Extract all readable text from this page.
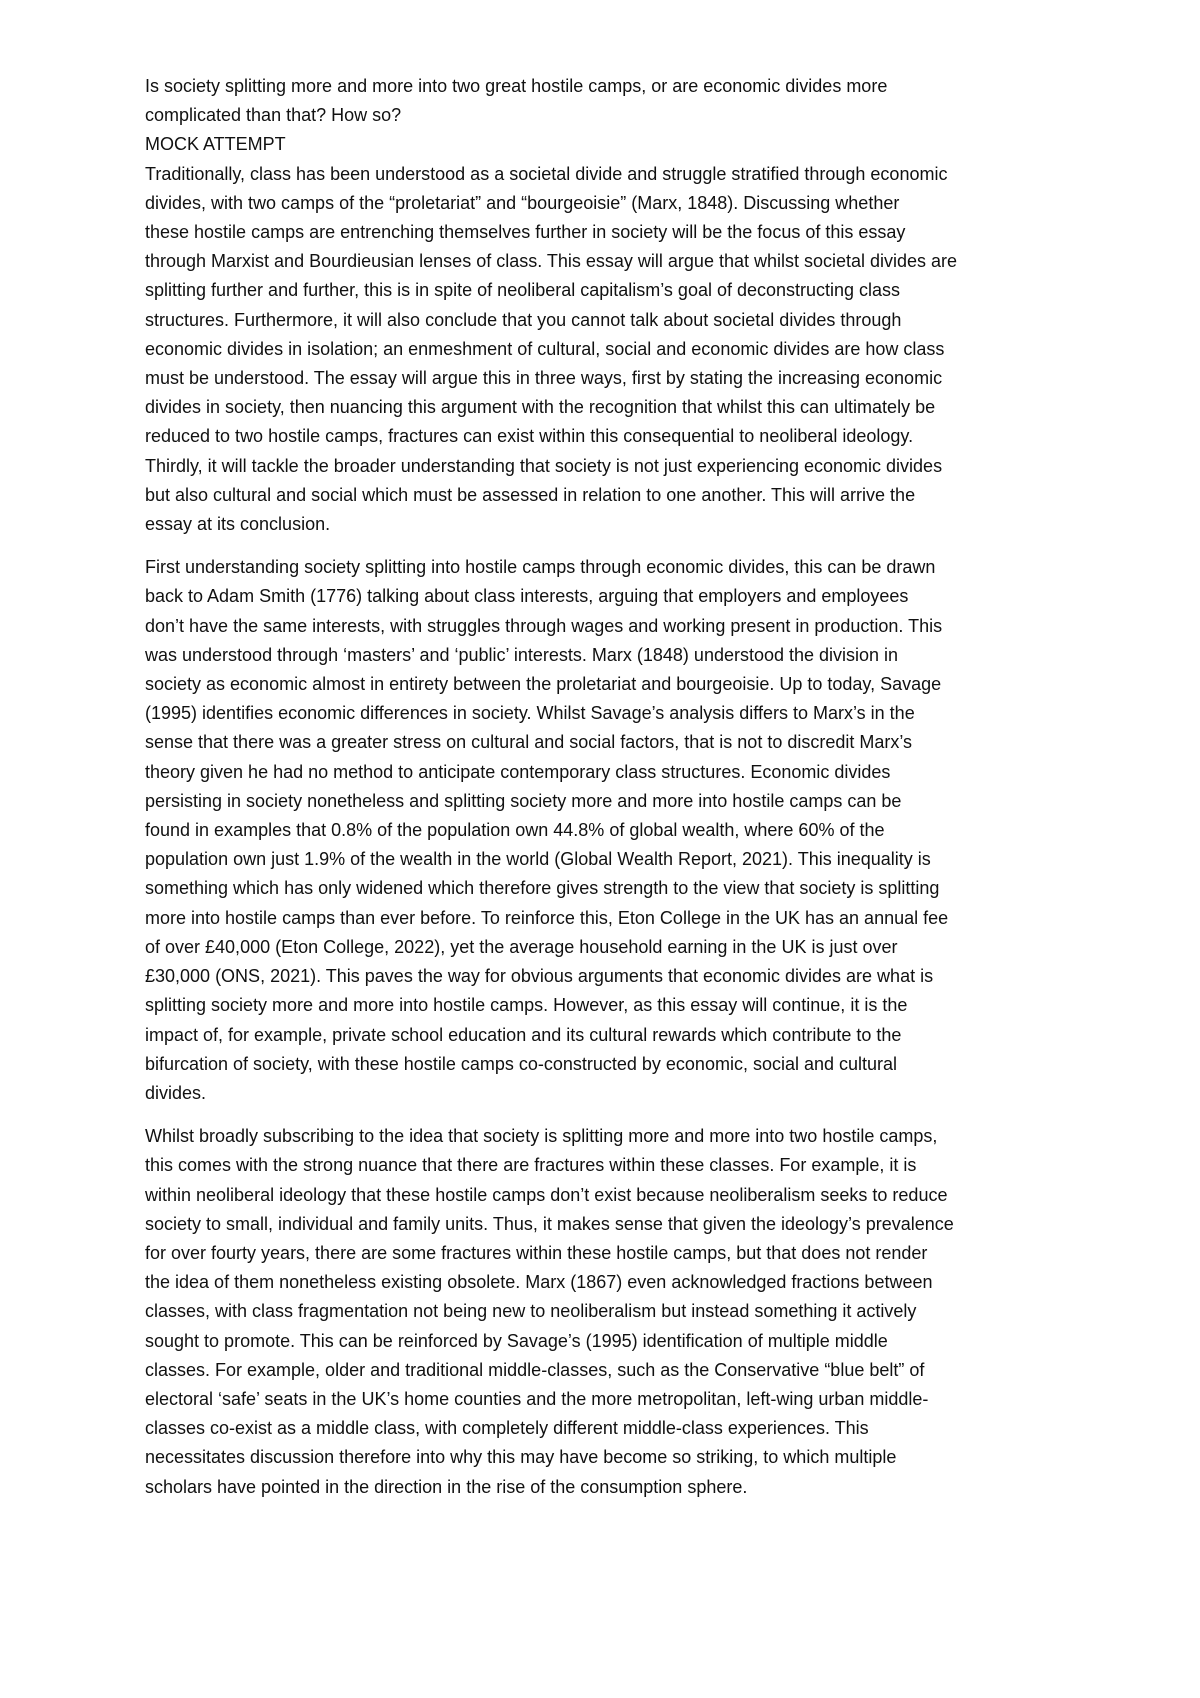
Is society splitting more and more into two great hostile camps, or are economic divides more

complicated than that? How so?

MOCK ATTEMPT

Traditionally, class has been understood as a societal divide and struggle stratified through economic

divides, with two camps of the “proletariat” and “bourgeoisie” (Marx, 1848). Discussing whether

these hostile camps are entrenching themselves further in society will be the focus of this essay

through Marxist and Bourdieusian lenses of class. This essay will argue that whilst societal divides are

splitting further and further, this is in spite of neoliberal capitalism’s goal of deconstructing class

structures. Furthermore, it will also conclude that you cannot talk about societal divides through

economic divides in isolation; an enmeshment of cultural, social and economic divides are how class

must be understood. The essay will argue this in three ways, first by stating the increasing economic

divides in society, then nuancing this argument with the recognition that whilst this can ultimately be

reduced to two hostile camps, fractures can exist within this consequential to neoliberal ideology.

Thirdly, it will tackle the broader understanding that society is not just experiencing economic divides

but also cultural and social which must be assessed in relation to one another. This will arrive the

essay at its conclusion.

First understanding society splitting into hostile camps through economic divides, this can be drawn

back to Adam Smith (1776) talking about class interests, arguing that employers and employees

don’t have the same interests, with struggles through wages and working present in production. This

was understood through ‘masters’ and ‘public’ interests. Marx (1848) understood the division in

society as economic almost in entirety between the proletariat and bourgeoisie. Up to today, Savage

(1995) identifies economic differences in society. Whilst Savage’s analysis differs to Marx’s in the

sense that there was a greater stress on cultural and social factors, that is not to discredit Marx’s

theory given he had no method to anticipate contemporary class structures. Economic divides

persisting in society nonetheless and splitting society more and more into hostile camps can be

found in examples that 0.8% of the population own 44.8% of global wealth, where 60% of the

population own just 1.9% of the wealth in the world (Global Wealth Report, 2021). This inequality is

something which has only widened which therefore gives strength to the view that society is splitting

more into hostile camps than ever before. To reinforce this, Eton College in the UK has an annual fee

of over £40,000 (Eton College, 2022), yet the average household earning in the UK is just over

£30,000 (ONS, 2021). This paves the way for obvious arguments that economic divides are what is

splitting society more and more into hostile camps. However, as this essay will continue, it is the

impact of, for example, private school education and its cultural rewards which contribute to the

bifurcation of society, with these hostile camps co-constructed by economic, social and cultural

divides.

Whilst broadly subscribing to the idea that society is splitting more and more into two hostile camps,

this comes with the strong nuance that there are fractures within these classes. For example, it is

within neoliberal ideology that these hostile camps don’t exist because neoliberalism seeks to reduce

society to small, individual and family units. Thus, it makes sense that given the ideology’s prevalence

for over fourty years, there are some fractures within these hostile camps, but that does not render

the idea of them nonetheless existing obsolete. Marx (1867) even acknowledged fractions between

classes, with class fragmentation not being new to neoliberalism but instead something it actively

sought to promote. This can be reinforced by Savage’s (1995) identification of multiple middle

classes. For example, older and traditional middle-classes, such as the Conservative “blue belt” of

electoral ‘safe’ seats in the UK’s home counties and the more metropolitan, left-wing urban middle-

classes co-exist as a middle class, with completely different middle-class experiences. This

necessitates discussion therefore into why this may have become so striking, to which multiple

scholars have pointed in the direction in the rise of the consumption sphere.
